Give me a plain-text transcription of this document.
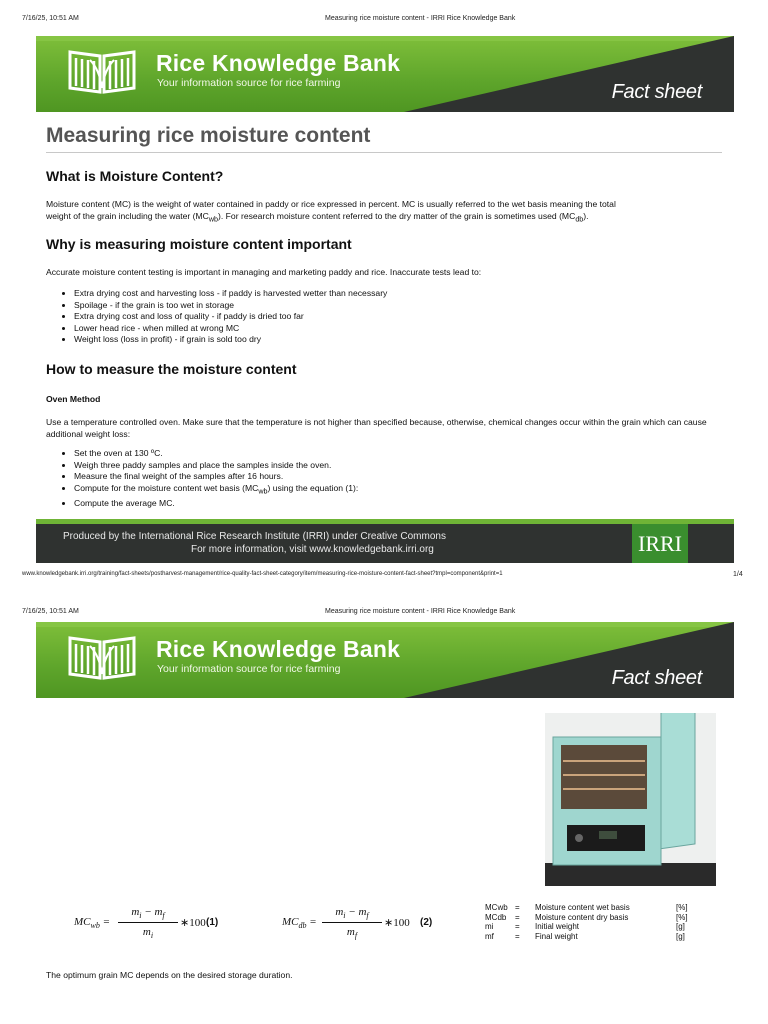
7/16/25, 10:51 AM	Measuring rice moisture content - IRRI Rice Knowledge Bank
Rice Knowledge Bank
Your information source for rice farming	Fact sheet
Measuring rice moisture content
What is Moisture Content?
Moisture content (MC) is the weight of water contained in paddy or rice expressed in percent. MC is usually referred to the wet basis meaning the total
weight of the grain including the water $(MC_{wb})$. For research moisture content referred to the dry matter of the grain is sometimes used $(MC_{db})$.
Why is measuring moisture content important
Accurate moisture content testing is important in managing and marketing paddy and rice. Inaccurate tests lead to:
• Extra drying cost and harvesting loss - if paddy is harvested wetter than necessary
• Spoilage - if the grain is too wet in storage
• Extra drying cost and loss of quality - if paddy is dried too far
• Lower head rice - when milled at wrong MC
• Weight loss (loss in profit) - if grain is sold too dry
How to measure the moisture content
Oven Method
Use a temperature controlled oven. Make sure that the temperature is not higher than specified because, otherwise, chemical changes occur within the grain which can cause additional weight loss:
• Set the oven at 130 ºC.
• Weigh three paddy samples and place the samples inside the oven.
• Measure the final weight of the samples after 16 hours.
• Compute for the moisture content wet basis $(MC_{wb})$ using the equation (1):
• Compute the average MC.
Produced by the International Rice Research Institute (IRRI) under Creative Commons
For more information, visit www.knowledgebank.irri.org	IRRI
www.knowledgebank.irri.org/training/fact-sheets/postharvest-management/rice-quality-fact-sheet-category/item/measuring-rice-moisture-content-fact-sheet?tmpl=component&print=1	1/4
7/16/25, 10:51 AM	Measuring rice moisture content - IRRI Rice Knowledge Bank
Rice Knowledge Bank
Your information source for rice farming	Fact sheet
$MC_{wb}$ =
$m_i - m_f$
$m_i$
∗100 (1)	$MC_{db}$ =
$m_i - m_f$
$m_f$
∗100 (2)
MCwb = Moisture content wet basis	[%]
MCdb = Moisture content dry basis	[%]
mi	= Initial weight	[g]
mf	= Final weight	[g]
The optimum grain MC depends on the desired storage duration.
